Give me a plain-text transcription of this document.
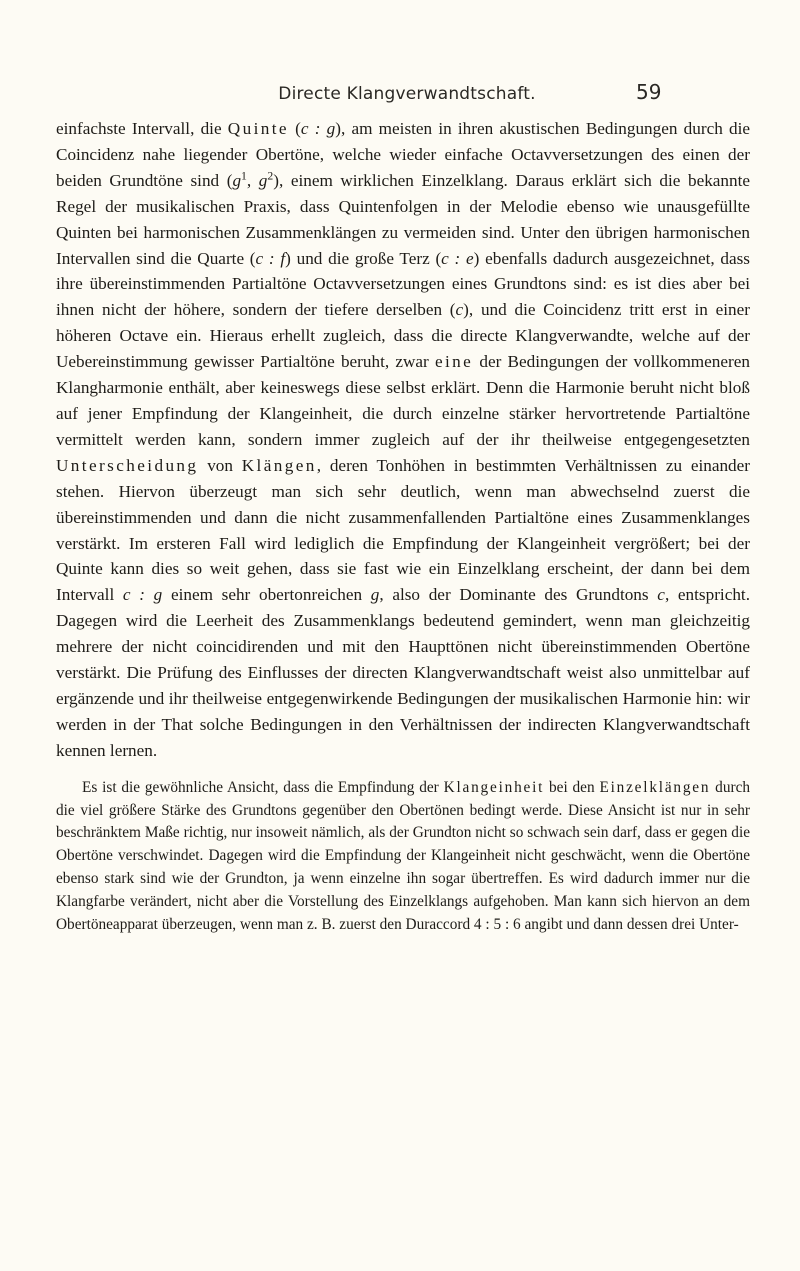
Directe Klangverwandtschaft.	59

einfachste Intervall, die Quinte (c : g), am meisten in ihren akustischen Bedingungen durch die Coincidenz nahe liegender Obertöne, welche wieder einfache Octavversetzungen des einen der beiden Grundtöne sind ($g^1$, $g^2$), einem wirklichen Einzelklang. Daraus erklärt sich die bekannte Regel der musikalischen Praxis, dass Quintenfolgen in der Melodie ebenso wie unausgefüllte Quinten bei harmonischen Zusammenklängen zu vermeiden sind. Unter den übrigen harmonischen Intervallen sind die Quarte (c : f) und die große Terz (c : e) ebenfalls dadurch ausgezeichnet, dass ihre übereinstimmenden Partialtöne Octavversetzungen eines Grundtons sind: es ist dies aber bei ihnen nicht der höhere, sondern der tiefere derselben (c), und die Coincidenz tritt erst in einer höheren Octave ein. Hieraus erhellt zugleich, dass die directe Klangverwandte, welche auf der Uebereinstimmung gewisser Partialtöne beruht, zwar eine der Bedingungen der vollkommeneren Klangharmonie enthält, aber keineswegs diese selbst erklärt. Denn die Harmonie beruht nicht bloß auf jener Empfindung der Klangeinheit, die durch einzelne stärker hervortretende Partialtöne vermittelt werden kann, sondern immer zugleich auf der ihr theilweise entgegengesetzten Unterscheidung von Klängen, deren Tonhöhen in bestimmten Verhältnissen zu einander stehen. Hiervon überzeugt man sich sehr deutlich, wenn man abwechselnd zuerst die übereinstimmenden und dann die nicht zusammenfallenden Partialtöne eines Zusammenklanges verstärkt. Im ersteren Fall wird lediglich die Empfindung der Klangeinheit vergrößert; bei der Quinte kann dies so weit gehen, dass sie fast wie ein Einzelklang erscheint, der dann bei dem Intervall c : g einem sehr obertonreichen g, also der Dominante des Grundtons c, entspricht. Dagegen wird die Leerheit des Zusammenklangs bedeutend gemindert, wenn man gleichzeitig mehrere der nicht coincidirenden und mit den Haupttönen nicht übereinstimmenden Obertöne verstärkt. Die Prüfung des Einflusses der directen Klangverwandtschaft weist also unmittelbar auf ergänzende und ihr theilweise entgegenwirkende Bedingungen der musikalischen Harmonie hin: wir werden in der That solche Bedingungen in den Verhältnissen der indirecten Klangverwandtschaft kennen lernen.

Es ist die gewöhnliche Ansicht, dass die Empfindung der Klangeinheit bei den Einzelklängen durch die viel größere Stärke des Grundtons gegenüber den Obertönen bedingt werde. Diese Ansicht ist nur in sehr beschränktem Maße richtig, nur insoweit nämlich, als der Grundton nicht so schwach sein darf, dass er gegen die Obertöne verschwindet. Dagegen wird die Empfindung der Klangeinheit nicht geschwächt, wenn die Obertöne ebenso stark sind wie der Grundton, ja wenn einzelne ihn sogar übertreffen. Es wird dadurch immer nur die Klangfarbe verändert, nicht aber die Vorstellung des Einzelklangs aufgehoben. Man kann sich hiervon an dem Obertöneapparat überzeugen, wenn man z. B. zuerst den Duraccord 4 : 5 : 6 angibt und dann dessen drei Unter-
